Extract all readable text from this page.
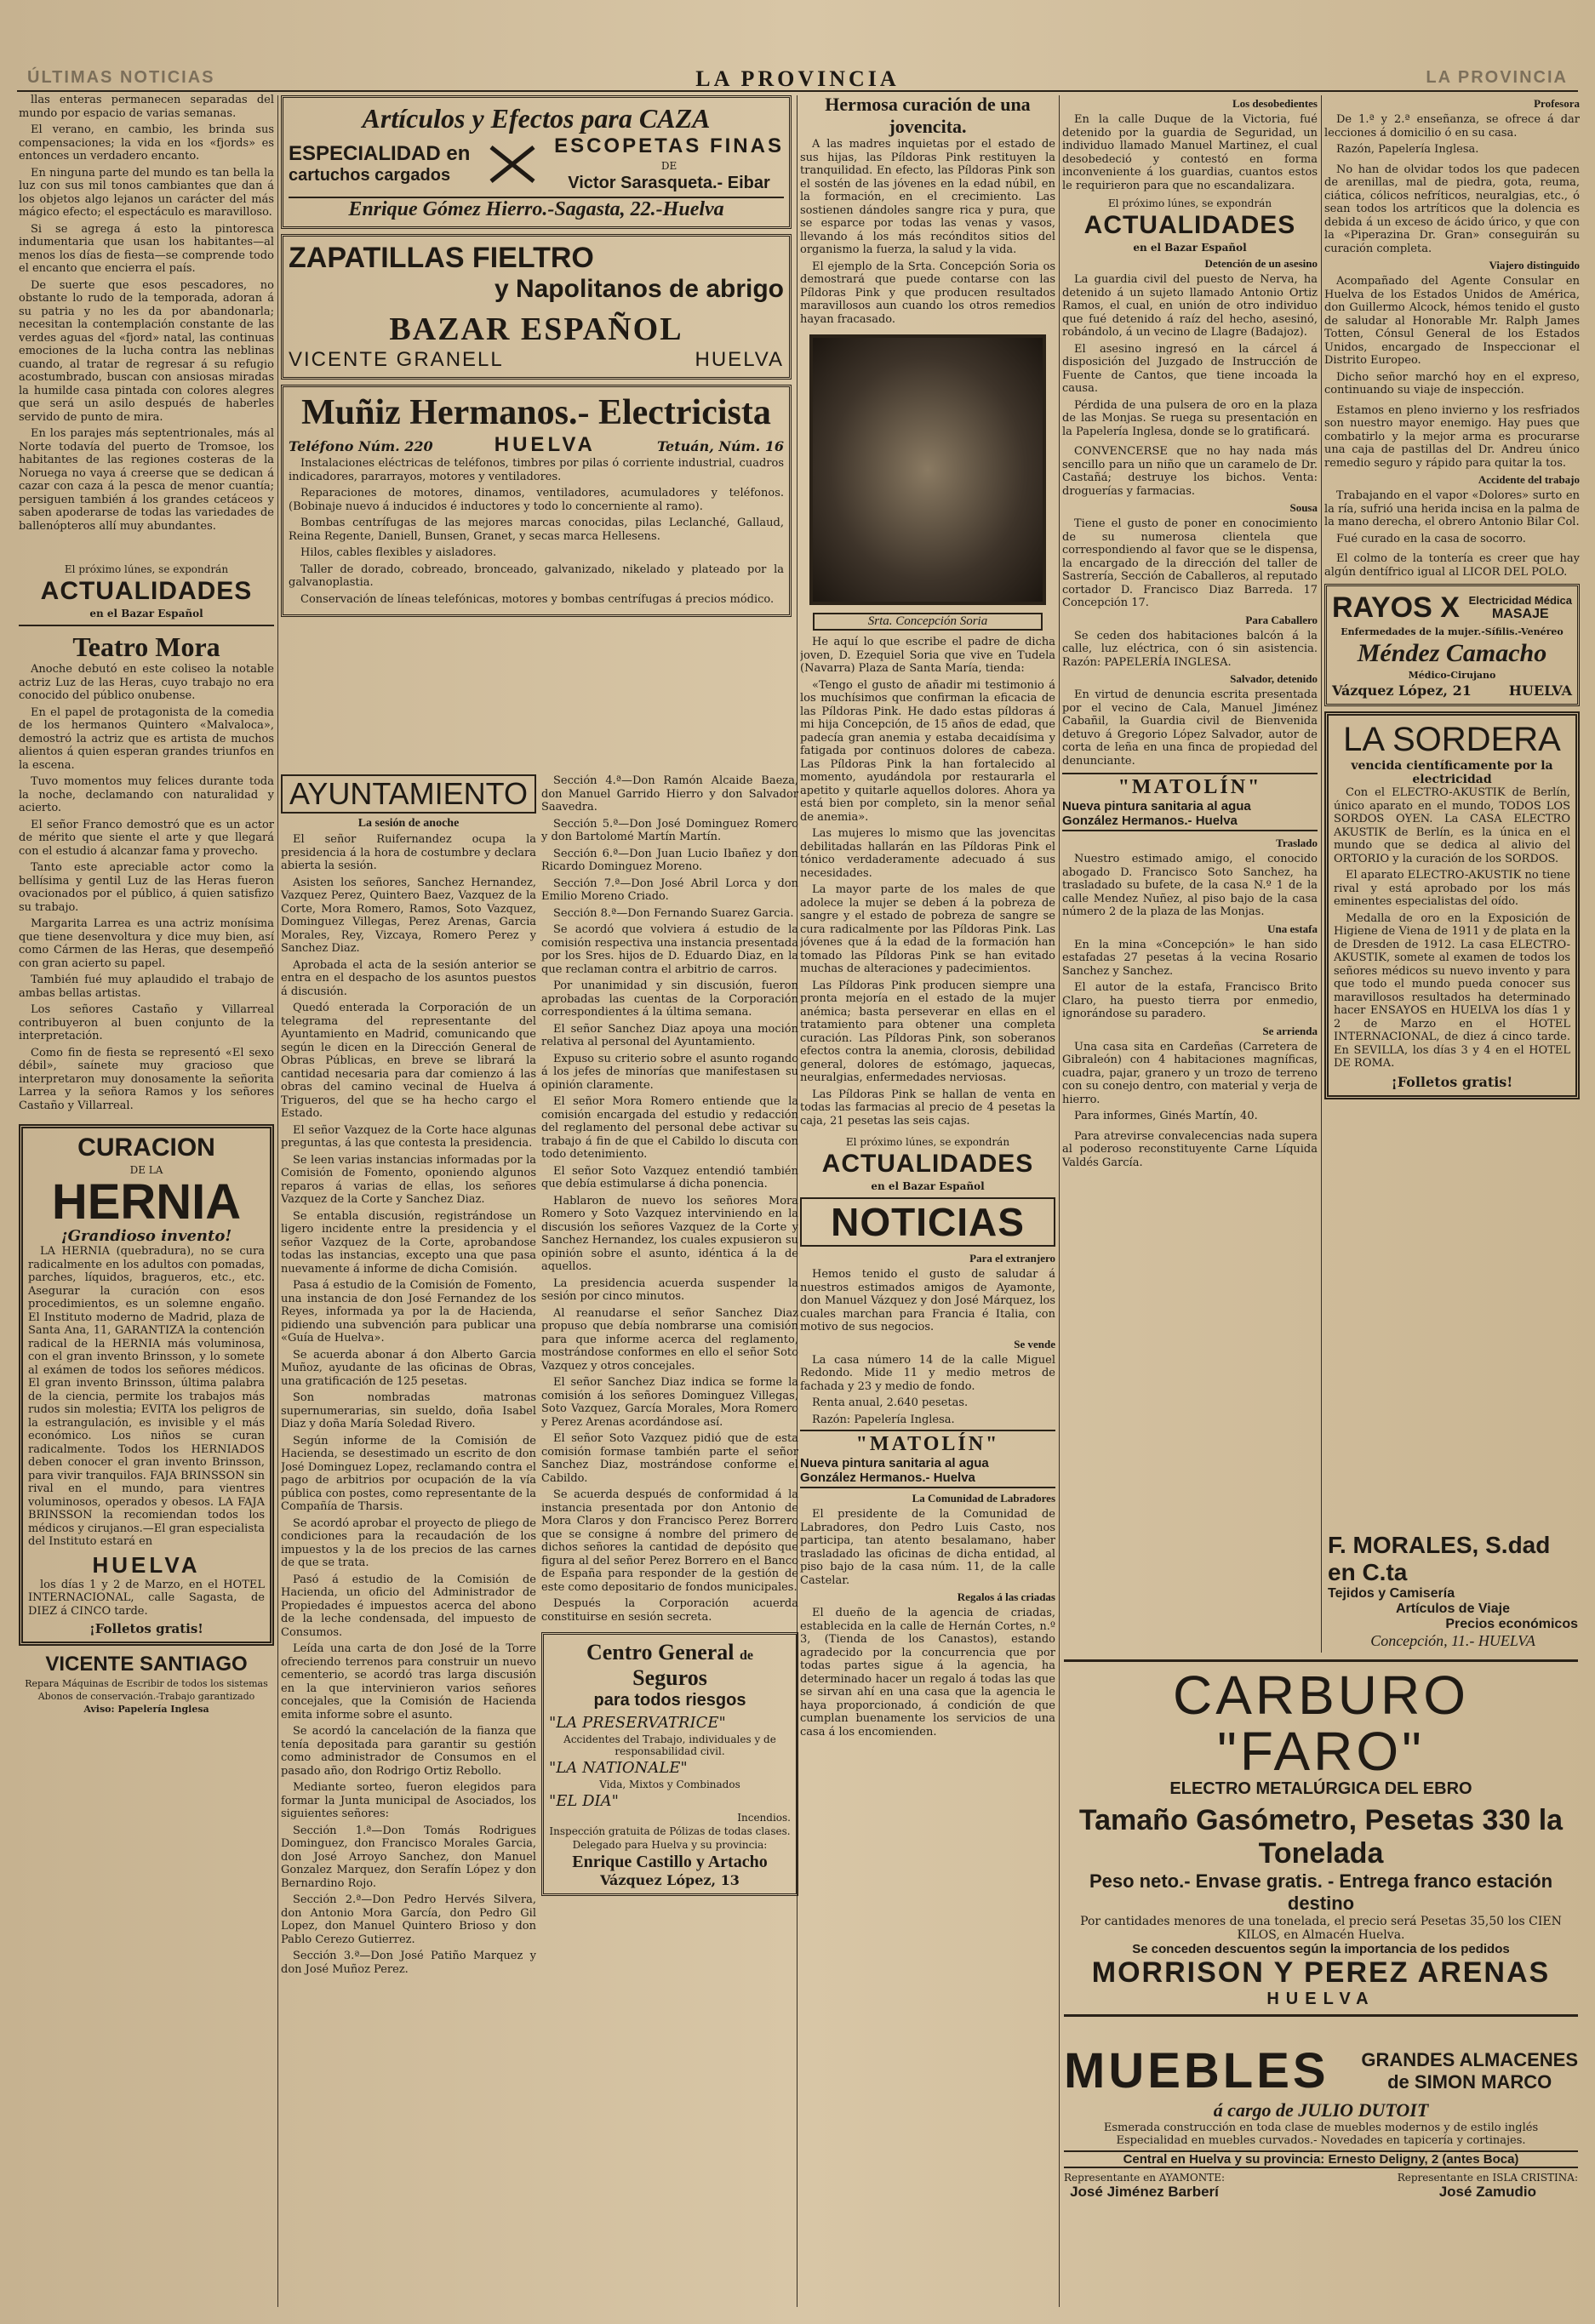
ÚLTIMAS NOTICIAS	LA PROVINCIA	LA PROVINCIA

llas enteras permanecen separadas del mundo por espacio de varias semanas.

El verano, en cambio, les brinda sus compensaciones; la vida en los «fjords» es entonces un verdadero encanto.

En ninguna parte del mundo es tan bella la luz con sus mil tonos cambiantes que dan á los objetos algo lejanos un carácter del más mágico efecto; el espectáculo es maravilloso.

Si se agrega á esto la pintoresca indumentaria que usan los habitantes—al menos los días de fiesta—se comprende todo el encanto que encierra el país.

De suerte que esos pescadores, no obstante lo rudo de la temporada, adoran á su patria y no les da por abandonarla; necesitan la contemplación constante de las verdes aguas del «fjord» natal, las continuas emociones de la lucha contra las neblinas cuando, al tratar de regresar á su refugio acostumbrado, buscan con ansiosas miradas la humilde casa pintada con colores alegres que será un asilo después de haberles servido de punto de mira.

En los parajes más septentrionales, más al Norte todavía del puerto de Tromsoe, los habitantes de las regiones costeras de la Noruega no vaya á creerse que se dedican á cazar con caza á la pesca de menor cuantía; persiguen también á los grandes cetáceos y saben apoderarse de todas las variedades de ballenópteros allí muy abundantes.

El próximo lúnes, se expondrán
ACTUALIDADES
en el Bazar Español
Teatro Mora

Anoche debutó en este coliseo la notable actriz Luz de las Heras, cuyo trabajo no era conocido del público onubense.

En el papel de protagonista de la comedia de los hermanos Quintero «Malvaloca», demostró la actriz que es artista de muchos alientos á quien esperan grandes triunfos en la escena.

Tuvo momentos muy felices durante toda la noche, declamando con naturalidad y acierto.

El señor Franco demostró que es un actor de mérito que siente el arte y que llegará con el estudio á alcanzar fama y provecho.

Tanto este apreciable actor como la bellísima y gentil Luz de las Heras fueron ovacionados por el público, á quien satisfizo su trabajo.

Margarita Larrea es una actriz monísima que tiene desenvoltura y dice muy bien, así como Cármen de las Heras, que desempeñó con gran acierto su papel.

También fué muy aplaudido el trabajo de ambas bellas artistas.

Los señores Castaño y Villarreal contribuyeron al buen conjunto de la interpretación.

Como fin de fiesta se representó «El sexo débil», saínete muy gracioso que interpretaron muy donosamente la señorita Larrea y la señora Ramos y los señores Castaño y Villarreal.

CURACION
DE LA
HERNIA
¡Grandioso invento!

LA HERNIA (quebradura), no se cura radicalmente en los adultos con pomadas, parches, líquidos, bragueros, etc., etc. Asegurar la curación con esos procedimientos, es un solemne engaño. El Instituto moderno de Madrid, plaza de Santa Ana, 11, GARANTIZA la contención radical de la HERNIA más voluminosa, con el gran invento Brinsson, y lo somete al exámen de todos los señores médicos. El gran invento Brinsson, última palabra de la ciencia, permite los trabajos más rudos sin molestia; EVITA los peligros de la estrangulación, es invisible y el más económico. Los niños se curan radicalmente. Todos los HERNIADOS deben conocer el gran invento Brinsson, para vivir tranquilos. FAJA BRINSSON sin rival en el mundo, para vientres voluminosos, operados y obesos. LA FAJA BRINSSON la recomiendan todos los médicos y cirujanos.—El gran especialista del Instituto estará en

HUELVA

los días 1 y 2 de Marzo, en el HOTEL INTERNACIONAL, calle Sagasta, de DIEZ á CINCO tarde.

¡Folletos gratis!
VICENTE SANTIAGO
Repara Máquinas de Escribir de todos los sistemas
Abonos de conservación.-Trabajo garantizado
Aviso: Papelería Inglesa
Artículos y Efectos para CAZA
ESPECIALIDAD en
cartuchos cargados
ESCOPETAS FINAS
DE
Victor Sarasqueta.- Eibar
Enrique Gómez Hierro.-Sagasta, 22.-Huelva
ZAPATILLAS FIELTRO
y Napolitanos de abrigo
BAZAR ESPAÑOL
VICENTE GRANELL	HUELVA
Muñiz Hermanos.- Electricista
Teléfono Núm. 220	HUELVA	Tetuán, Núm. 16

Instalaciones eléctricas de teléfonos, timbres por pilas ó corriente industrial, cuadros indicadores, pararrayos, motores y ventiladores.

Reparaciones de motores, dinamos, ventiladores, acumuladores y teléfonos. (Bobinaje nuevo á inducidos é inductores y todo lo concerniente al ramo).

Bombas centrífugas de las mejores marcas conocidas, pilas Leclanché, Gallaud, Reina Regente, Daniell, Bunsen, Granet, y secas marca Hellesens.

Hilos, cables flexibles y aisladores.

Taller de dorado, cobreado, bronceado, galvanizado, nikelado y plateado por la galvanoplastia.

Conservación de líneas telefónicas, motores y bombas centrífugas á precios módico.

AYUNTAMIENTO
La sesión de anoche

El señor Ruifernandez ocupa la presidencia á la hora de costumbre y declara abierta la sesión.

Asisten los señores, Sanchez Hernandez, Vazquez Perez, Quintero Baez, Vazquez de la Corte, Mora Romero, Ramos, Soto Vazquez, Dominguez Villegas, Perez Arenas, Garcia Morales, Rey, Vizcaya, Romero Perez y Sanchez Diaz.

Aprobada el acta de la sesión anterior se entra en el despacho de los asuntos puestos á discusión.

Quedó enterada la Corporación de un telegrama del representante del Ayuntamiento en Madrid, comunicando que según le dicen en la Dirección General de Obras Públicas, en breve se librará la cantidad necesaria para dar comienzo á las obras del camino vecinal de Huelva á Trigueros, del que se ha hecho cargo el Estado.

El señor Vazquez de la Corte hace algunas preguntas, á las que contesta la presidencia.

Se leen varias instancias informadas por la Comisión de Fomento, oponiendo algunos reparos á varias de ellas, los señores Vazquez de la Corte y Sanchez Diaz.

Se entabla discusión, registrándose un ligero incidente entre la presidencia y el señor Vazquez de la Corte, aprobandose todas las instancias, excepto una que pasa nuevamente á informe de dicha Comisión.

Pasa á estudio de la Comisión de Fomento, una instancia de don José Fernandez de los Reyes, informada ya por la de Hacienda, pidiendo una subvención para publicar una «Guía de Huelva».

Se acuerda abonar á don Alberto Garcia Muñoz, ayudante de las oficinas de Obras, una gratificación de 125 pesetas.

Son nombradas matronas supernumerarias, sin sueldo, doña Isabel Diaz y doña María Soledad Rivero.

Según informe de la Comisión de Hacienda, se desestimado un escrito de don José Dominguez Lopez, reclamando contra el pago de arbitrios por ocupación de la vía pública con postes, como representante de la Compañía de Tharsis.

Se acordó aprobar el proyecto de pliego de condiciones para la recaudación de los impuestos y la de los precios de las carnes de que se trata.

Pasó á estudio de la Comisión de Hacienda, un oficio del Administrador de Propiedades é impuestos acerca del abono de la leche condensada, del impuesto de Consumos.

Leída una carta de don José de la Torre ofreciendo terrenos para construir un nuevo cementerio, se acordó tras larga discusión en la que intervinieron varios señores concejales, que la Comisión de Hacienda emita informe sobre el asunto.

Se acordó la cancelación de la fianza que tenía depositada para garantir su gestión como administrador de Consumos en el pasado año, don Rodrigo Ortiz Rebollo.

Mediante sorteo, fueron elegidos para formar la Junta municipal de Asociados, los siguientes señores:

Sección 1.ª—Don Tomás Rodrigues Dominguez, don Francisco Morales Garcia, don José Arroyo Sanchez, don Manuel Gonzalez Marquez, don Serafín López y don Bernardino Rojo.

Sección 2.ª—Don Pedro Hervés Silvera, don Antonio Mora García, don Pedro Gil Lopez, don Manuel Quintero Brioso y don Pablo Cerezo Gutierrez.

Sección 3.ª—Don José Patiño Marquez y don José Muñoz Perez.

Sección 4.ª—Don Ramón Alcaide Baeza, don Manuel Garrido Hierro y don Salvador Saavedra.

Sección 5.ª—Don José Dominguez Romero y don Bartolomé Martín Martín.

Sección 6.ª—Don Juan Lucio Ibañez y don Ricardo Dominguez Moreno.

Sección 7.ª—Don José Abril Lorca y don Emilio Moreno Criado.

Sección 8.ª—Don Fernando Suarez Garcia.

Se acordó que volviera á estudio de la comisión respectiva una instancia presentada por los Sres. hijos de D. Eduardo Diaz, en la que reclaman contra el arbitrio de carros.

Por unanimidad y sin discusión, fueron aprobadas las cuentas de la Corporación correspondientes á la última semana.

El señor Sanchez Diaz apoya una moción relativa al personal del Ayuntamiento.

Expuso su criterio sobre el asunto rogando á los jefes de minorías que manifestasen su opinión claramente.

El señor Mora Romero entiende que la comisión encargada del estudio y redacción del reglamento del personal debe activar su trabajo á fin de que el Cabildo lo discuta con todo detenimiento.

El señor Soto Vazquez entendió también que debía estimularse á dicha ponencia.

Hablaron de nuevo los señores Mora Romero y Soto Vazquez interviniendo en la discusión los señores Vazquez de la Corte y Sanchez Hernandez, los cuales expusieron su opinión sobre el asunto, idéntica á la de aquellos.

La presidencia acuerda suspender la sesión por cinco minutos.

Al reanudarse el señor Sanchez Diaz propuso que debía nombrarse una comisión para que informe acerca del reglamento, mostrándose conformes en ello el señor Soto Vazquez y otros concejales.

El señor Sanchez Diaz indica se forme la comisión á los señores Dominguez Villegas, Soto Vazquez, García Morales, Mora Romero y Perez Arenas acordándose así.

El señor Soto Vazquez pidió que de esta comisión formase también parte el señor Sanchez Diaz, mostrándose conforme el Cabildo.

Se acuerda después de conformidad á la instancia presentada por don Antonio de Mora Claros y don Francisco Perez Borrero que se consigne á nombre del primero de dichos señores la cantidad de depósito que figura al del señor Perez Borrero en el Banco de España para responder de la gestión de este como depositario de fondos municipales.

Después la Corporación acuerda constituirse en sesión secreta.

Centro General de Seguros
para todos riesgos
"LA PRESERVATRICE"
Accidentes del Trabajo, individuales y de responsabilidad civil.
"LA NATIONALE"
Vida, Mixtos y Combinados
"EL DIA"
Incendios.
Inspección gratuita de Pólizas de todas clases.
Delegado para Huelva y su provincia:
Enrique Castillo y Artacho
Vázquez López, 13
Hermosa curación de una jovencita.

A las madres inquietas por el estado de sus hijas, las Píldoras Pink restituyen la tranquilidad. En efecto, las Píldoras Pink son el sostén de las jóvenes en la edad núbil, en la formación, en el crecimiento. Las sostienen dándoles sangre rica y pura, que se esparce por todas las venas y vasos, llevando á los más recónditos sitios del organismo la fuerza, la salud y la vida.

El ejemplo de la Srta. Concepción Soria os demostrará que puede contarse con las Píldoras Pink y que producen resultados maravillosos aun cuando los otros remedios hayan fracasado.

Srta. Concepción Soria

He aquí lo que escribe el padre de dicha joven, D. Ezequiel Soria que vive en Tudela (Navarra) Plaza de Santa María, tienda:

«Tengo el gusto de añadir mi testimonio á los muchísimos que confirman la eficacia de las Píldoras Pink. He dado estas píldoras á mi hija Concepción, de 15 años de edad, que padecía gran anemia y estaba decaidísima y fatigada por continuos dolores de cabeza. Las Píldoras Pink la han fortalecido al momento, ayudándola por restaurarla el apetito y quitarle aquellos dolores. Ahora ya está bien por completo, sin la menor señal de anemia».

Las mujeres lo mismo que las jovencitas debilitadas hallarán en las Píldoras Pink el tónico verdaderamente adecuado á sus necesidades.

La mayor parte de los males de que adolece la mujer se deben á la pobreza de sangre y el estado de pobreza de sangre se cura radicalmente por las Píldoras Pink. Las jóvenes que á la edad de la formación han tomado las Píldoras Pink se han evitado muchas de alteraciones y padecimientos.

Las Píldoras Pink producen siempre una pronta mejoría en el estado de la mujer anémica; basta perseverar en ellas en el tratamiento para obtener una completa curación. Las Píldoras Pink, son soberanos efectos contra la anemia, clorosis, debilidad general, dolores de estómago, jaquecas, neuralgias, enfermedades nerviosas.

Las Píldoras Pink se hallan de venta en todas las farmacias al precio de 4 pesetas la caja, 21 pesetas las seis cajas.

El próximo lúnes, se expondrán
ACTUALIDADES
en el Bazar Español
NOTICIAS
Para el extranjero

Hemos tenido el gusto de saludar á nuestros estimados amigos de Ayamonte, don Manuel Vázquez y don José Márquez, los cuales marchan para Francia é Italia, con motivo de sus negocios.

Se vende

La casa número 14 de la calle Miguel Redondo. Mide 11 y medio metros de fachada y 23 y medio de fondo.

Renta anual, 2.640 pesetas.

Razón: Papelería Inglesa.

"MATOLÍN"
Nueva pintura sanitaria al agua
González Hermanos.- Huelva
La Comunidad de Labradores

El presidente de la Comunidad de Labradores, don Pedro Luis Casto, nos participa, tan atento besalamano, haber trasladado las oficinas de dicha entidad, al piso bajo de la casa núm. 11, de la calle Castelar.

Regalos á las criadas

El dueño de la agencia de criadas, establecida en la calle de Hernán Cortes, n.º 3, (Tienda de los Canastos), estando agradecido por la concurrencia que por todas partes sigue á la agencia, ha determinado hacer un regalo á todas las que se sirvan ahí en una casa que la agencia le haya proporcionado, á condición de que cumplan buenamente los servicios de una casa á los encomienden.

Los desobedientes

En la calle Duque de la Victoria, fué detenido por la guardia de Seguridad, un individuo llamado Manuel Martinez, el cual desobedeció y contestó en forma inconveniente á los guardias, cuantos estos le requirieron para que no escandalizara.

El próximo lúnes, se expondrán
ACTUALIDADES
en el Bazar Español
Detención de un asesino

La guardia civil del puesto de Nerva, ha detenido á un sujeto llamado Antonio Ortiz Ramos, el cual, en unión de otro individuo que fué detenido á raíz del hecho, asesinó, robándolo, á un vecino de Llagre (Badajoz).

El asesino ingresó en la cárcel á disposición del Juzgado de Instrucción de Fuente de Cantos, que tiene incoada la causa.

Pérdida de una pulsera de oro en la plaza de las Monjas. Se ruega su presentación en la Papelería Inglesa, donde se lo gratificará.

CONVENCERSE que no hay nada más sencillo para un niño que un caramelo de Dr. Castañá; destruye los bichos. Venta: droguerías y farmacias.

Sousa

Tiene el gusto de poner en conocimiento de su numerosa clientela que correspondiendo al favor que se le dispensa, la encargado de la dirección del taller de Sastrería, Sección de Caballeros, al reputado cortador D. Francisco Diaz Barreda. 17 Concepción 17.

Para Caballero

Se ceden dos habitaciones balcón á la calle, luz eléctrica, con ó sin asistencia. Razón: PAPELERÍA INGLESA.

Salvador, detenido

En virtud de denuncia escrita presentada por el vecino de Cala, Manuel Jiménez Cabañil, la Guardia civil de Bienvenida detuvo á Gregorio López Salvador, autor de corta de leña en una finca de propiedad del denunciante.

"MATOLÍN"
Nueva pintura sanitaria al agua
González Hermanos.- Huelva
Traslado

Nuestro estimado amigo, el conocido abogado D. Francisco Soto Sanchez, ha trasladado su bufete, de la casa N.º 1 de la calle Mendez Nuñez, al piso bajo de la casa número 2 de la plaza de las Monjas.

Una estafa

En la mina «Concepción» le han sido estafadas 27 pesetas á la vecina Rosario Sanchez y Sanchez.

El autor de la estafa, Francisco Brito Claro, ha puesto tierra por enmedio, ignorándose su paradero.

Se arrienda

Una casa sita en Cardeñas (Carretera de Gibraleón) con 4 habitaciones magníficas, cuadra, pajar, granero y un trozo de terreno con su conejo dentro, con material y verja de hierro.

Para informes, Ginés Martín, 40.

Para atrevirse convalecencias nada supera al poderoso reconstituyente Carne Líquida Valdés García.

Profesora

De 1.ª y 2.ª enseñanza, se ofrece á dar lecciones á domicilio ó en su casa.

Razón, Papelería Inglesa.

No han de olvidar todos los que padecen de arenillas, mal de piedra, gota, reuma, ciática, cólicos nefríticos, neuralgias, etc., ó sean todos los artríticos que la dolencia es debida á un exceso de ácido úrico, y que con la «Piperazina Dr. Gran» conseguirán su curación completa.

Viajero distinguido

Acompañado del Agente Consular en Huelva de los Estados Unidos de América, don Guillermo Alcock, hémos tenido el gusto de saludar al Honorable Mr. Ralph James Totten, Cónsul General de los Estados Unidos, encargado de Inspeccionar el Distrito Europeo.

Dicho señor marchó hoy en el expreso, continuando su viaje de inspección.

Estamos en pleno invierno y los resfriados son nuestro mayor enemigo. Hay pues que combatirlo y la mejor arma es procurarse una caja de pastillas del Dr. Andreu único remedio seguro y rápido para quitar la tos.

Accidente del trabajo

Trabajando en el vapor «Dolores» surto en la ría, sufrió una herida incisa en la palma de la mano derecha, el obrero Antonio Bilar Col.

Fué curado en la casa de socorro.

El colmo de la tontería es creer que hay algún dentífrico igual al LICOR DEL POLO.

RAYOS X Electricidad Médica
MASAJE
Enfermedades de la mujer.-Sífilis.-Venéreo
Méndez Camacho
Médico-Cirujano
Vázquez López, 21	HUELVA
LA SORDERA
vencida científicamente por la electricidad

Con el ELECTRO-AKUSTIK de Berlín, único aparato en el mundo, TODOS LOS SORDOS OYEN. La CASA ELECTRO AKUSTIK de Berlín, es la única en el mundo que se dedica al alivio del ORTORIO y la curación de los SORDOS.

El aparato ELECTRO-AKUSTIK no tiene rival y está aprobado por los más eminentes especialistas del oído.

Medalla de oro en la Exposición de Higiene de Viena de 1911 y de plata en la de Dresden de 1912. La casa ELECTRO-AKUSTIK, somete al examen de todos los señores médicos su nuevo invento y para que todo el mundo pueda conocer sus maravillosos resultados ha determinado hacer ENSAYOS en HUELVA los días 1 y 2 de Marzo en el HOTEL INTERNACIONAL, de diez á cinco tarde. En SEVILLA, los días 3 y 4 en el HOTEL DE ROMA.

¡Folletos gratis!
F. MORALES, S.dad en C.ta
Tejidos y Camisería
Artículos de Viaje
Precios económicos
Concepción, 11.- HUELVA
CARBURO "FARO"
ELECTRO METALÚRGICA DEL EBRO
Tamaño Gasómetro, Pesetas 330 la Tonelada
Peso neto.- Envase gratis. - Entrega franco estación destino
Por cantidades menores de una tonelada, el precio será Pesetas 35,50 los CIEN KILOS, en Almacén Huelva.
Se conceden descuentos según la importancia de los pedidos
MORRISON Y PEREZ ARENAS
HUELVA
MUEBLES GRANDES ALMACENES
de SIMON MARCO
á cargo de JULIO DUTOIT
Esmerada construcción en toda clase de muebles modernos y de estilo inglés
Especialidad en muebles curvados.- Novedades en tapicería y cortinajes.
Central en Huelva y su provincia: Ernesto Deligny, 2 (antes Boca)
Representante en AYAMONTE:
José Jiménez Barberí
Representante en ISLA CRISTINA:
José Zamudio
